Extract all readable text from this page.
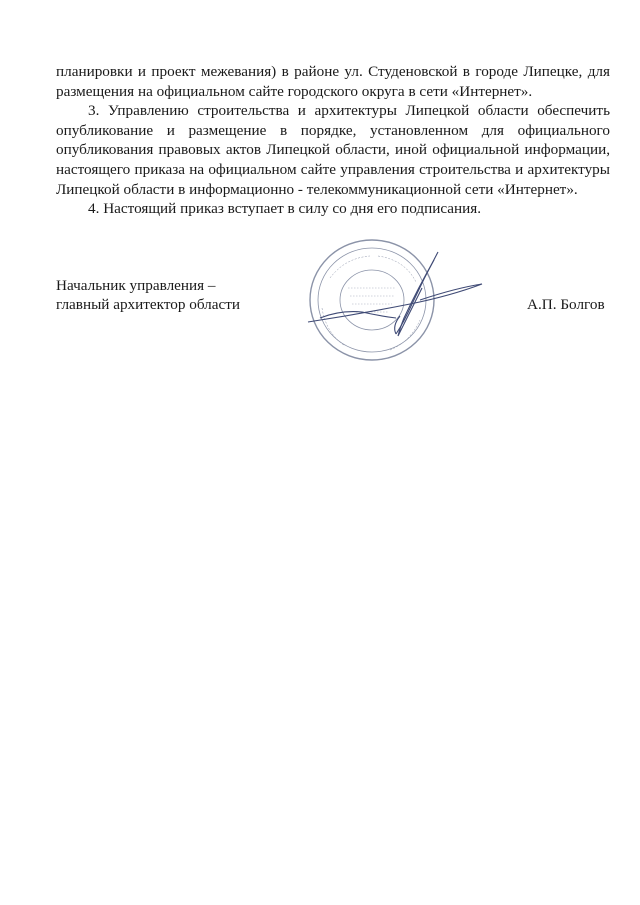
планировки и проект межевания) в районе ул. Студеновской в городе Липецке, для размещения на официальном сайте городского округа в сети «Интернет».

3. Управлению строительства и архитектуры Липецкой области обеспечить опубликование и размещение в порядке, установленном для официального опубликования правовых актов Липецкой области, иной официальной информации, настоящего приказа на официальном сайте управления строительства и архитектуры Липецкой области в информационно - телекоммуникационной сети «Интернет».

4. Настоящий приказ вступает в силу со дня его подписания.

Начальник управления –
главный архитектор области	А.П. Болгов
